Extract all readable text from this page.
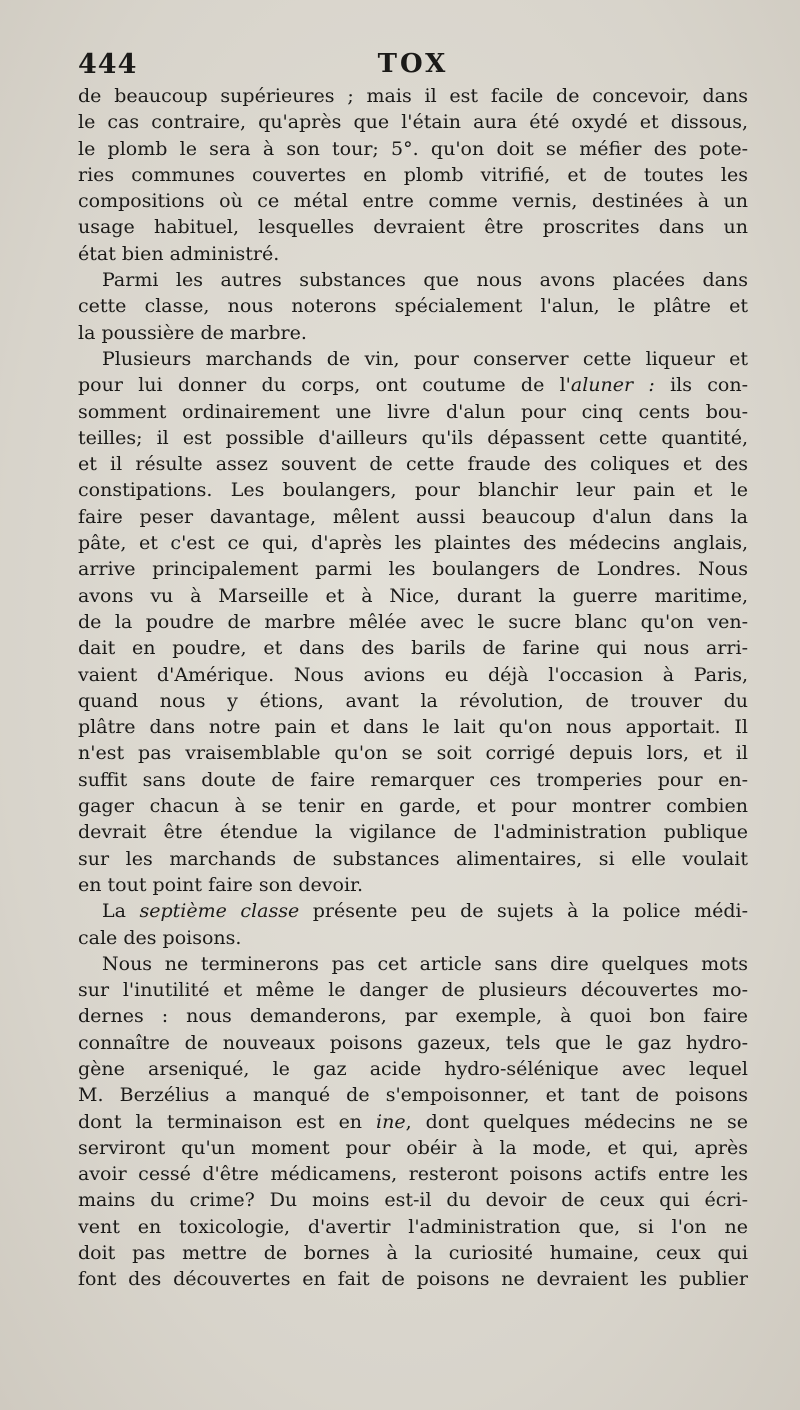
444	TOX
de beaucoup supérieures ; mais il est facile de concevoir, dans
le cas contraire, qu'après que l'étain aura été oxydé et dissous,
le plomb le sera à son tour; 5°. qu'on doit se méfier des pote-
ries communes couvertes en plomb vitrifié, et de toutes les
compositions où ce métal entre comme vernis, destinées à un
usage habituel, lesquelles devraient être proscrites dans un
état bien administré.
Parmi les autres substances que nous avons placées dans
cette classe, nous noterons spécialement l'alun, le plâtre et
la poussière de marbre.
Plusieurs marchands de vin, pour conserver cette liqueur et
pour lui donner du corps, ont coutume de l'aluner : ils con-
somment ordinairement une livre d'alun pour cinq cents bou-
teilles; il est possible d'ailleurs qu'ils dépassent cette quantité,
et il résulte assez souvent de cette fraude des coliques et des
constipations. Les boulangers, pour blanchir leur pain et le
faire peser davantage, mêlent aussi beaucoup d'alun dans la
pâte, et c'est ce qui, d'après les plaintes des médecins anglais,
arrive principalement parmi les boulangers de Londres. Nous
avons vu à Marseille et à Nice, durant la guerre maritime,
de la poudre de marbre mêlée avec le sucre blanc qu'on ven-
dait en poudre, et dans des barils de farine qui nous arri-
vaient d'Amérique. Nous avions eu déjà l'occasion à Paris,
quand nous y étions, avant la révolution, de trouver du
plâtre dans notre pain et dans le lait qu'on nous apportait. Il
n'est pas vraisemblable qu'on se soit corrigé depuis lors, et il
suffit sans doute de faire remarquer ces tromperies pour en-
gager chacun à se tenir en garde, et pour montrer combien
devrait être étendue la vigilance de l'administration publique
sur les marchands de substances alimentaires, si elle voulait
en tout point faire son devoir.
La septième classe présente peu de sujets à la police médi-
cale des poisons.
Nous ne terminerons pas cet article sans dire quelques mots
sur l'inutilité et même le danger de plusieurs découvertes mo-
dernes : nous demanderons, par exemple, à quoi bon faire
connaître de nouveaux poisons gazeux, tels que le gaz hydro-
gène arseniqué, le gaz acide hydro-sélénique avec lequel
M. Berzélius a manqué de s'empoisonner, et tant de poisons
dont la terminaison est en ine, dont quelques médecins ne se
serviront qu'un moment pour obéir à la mode, et qui, après
avoir cessé d'être médicamens, resteront poisons actifs entre les
mains du crime? Du moins est-il du devoir de ceux qui écri-
vent en toxicologie, d'avertir l'administration que, si l'on ne
doit pas mettre de bornes à la curiosité humaine, ceux qui
font des découvertes en fait de poisons ne devraient les publier
